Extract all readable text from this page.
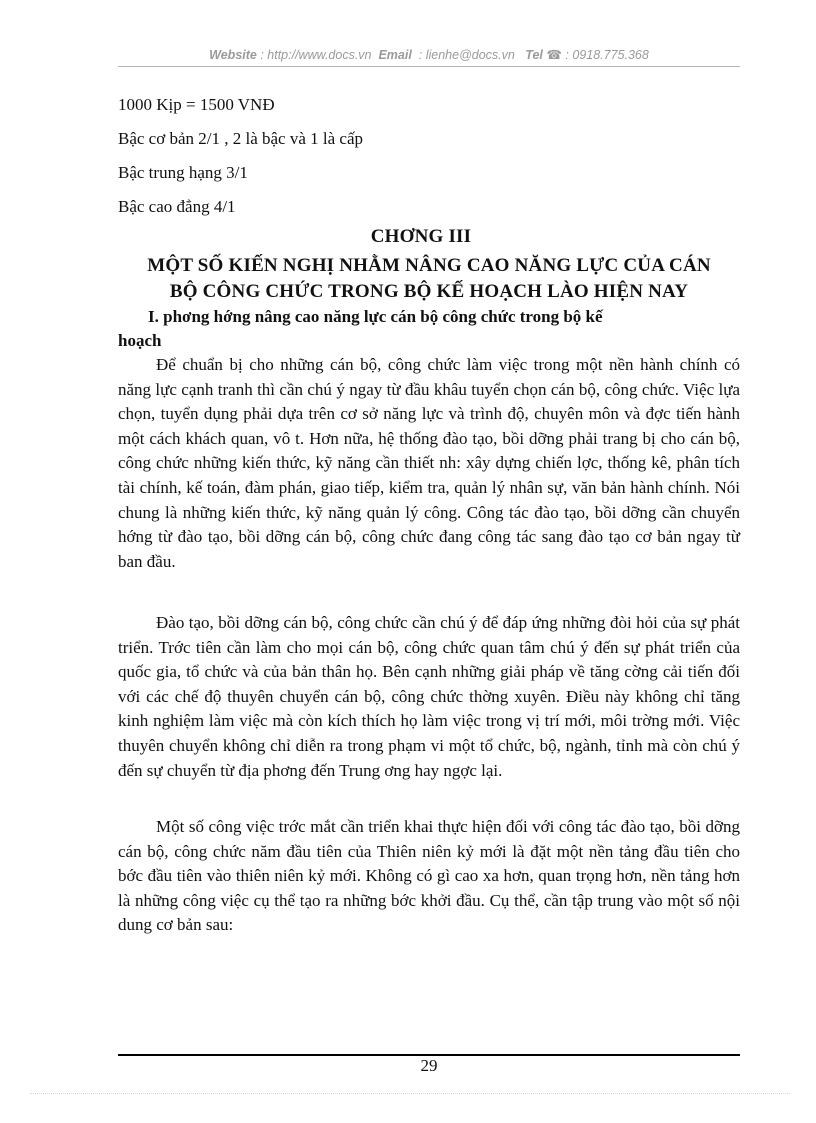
Website : http://www.docs.vn Email : lienhe@docs.vn Tel ☎ : 0918.775.368
1000 Kịp = 1500 VNĐ
Bậc cơ bản 2/1 , 2 là bậc và 1 là cấp
Bậc trung hạng 3/1
Bậc cao đẳng 4/1
CHƠNG III
MỘT SỐ KIẾN NGHỊ NHẰM NÂNG CAO NĂNG LỰC CỦA CÁN
BỘ CÔNG CHỨC TRONG BỘ KẾ HOẠCH LÀO HIỆN NAY
I. phơng hớng nâng cao năng lực cán bộ công chức trong bộ kế
hoạch
Để chuẩn bị cho những cán bộ, công chức làm việc trong một nền hành chính có năng lực cạnh tranh thì cần chú ý ngay từ đầu khâu tuyển chọn cán bộ, công chức. Việc lựa chọn, tuyển dụng phải dựa trên cơ sở năng lực và trình độ, chuyên môn và đợc tiến hành một cách khách quan, vô t. Hơn nữa, hệ thống đào tạo, bồi dỡng phải trang bị cho cán bộ, công chức những kiến thức, kỹ năng cần thiết nh: xây dựng chiến lợc, thống kê, phân tích tài chính, kế toán, đàm phán, giao tiếp, kiểm tra, quản lý nhân sự, văn bản hành chính. Nói chung là những kiến thức, kỹ năng quản lý công. Công tác đào tạo, bồi dỡng cần chuyển hớng từ đào tạo, bồi dỡng cán bộ, công chức đang công tác sang đào tạo cơ bản ngay từ ban đầu.
Đào tạo, bồi dỡng cán bộ, công chức cần chú ý để đáp ứng những đòi hỏi của sự phát triển. Trớc tiên cần làm cho mọi cán bộ, công chức quan tâm chú ý đến sự phát triển của quốc gia, tổ chức và của bản thân họ. Bên cạnh những giải pháp về tăng cờng cải tiến đối với các chế độ thuyên chuyển cán bộ, công chức thờng xuyên. Điều này không chỉ tăng kinh nghiệm làm việc mà còn kích thích họ làm việc trong vị trí mới, môi trờng mới. Việc thuyên chuyển không chỉ diễn ra trong phạm vi một tổ chức, bộ, ngành, tỉnh mà còn chú ý đến sự chuyển từ địa phơng đến Trung ơng hay ngợc lại.
Một số công việc trớc mắt cần triển khai thực hiện đối với công tác đào tạo, bồi dỡng cán bộ, công chức năm đầu tiên của Thiên niên kỷ mới là đặt một nền tảng đầu tiên cho bớc đầu tiên vào thiên niên kỷ mới. Không có gì cao xa hơn, quan trọng hơn, nền tảng hơn là những công việc cụ thể tạo ra những bớc khởi đầu. Cụ thể, cần tập trung vào một số nội dung cơ bản sau:
29
